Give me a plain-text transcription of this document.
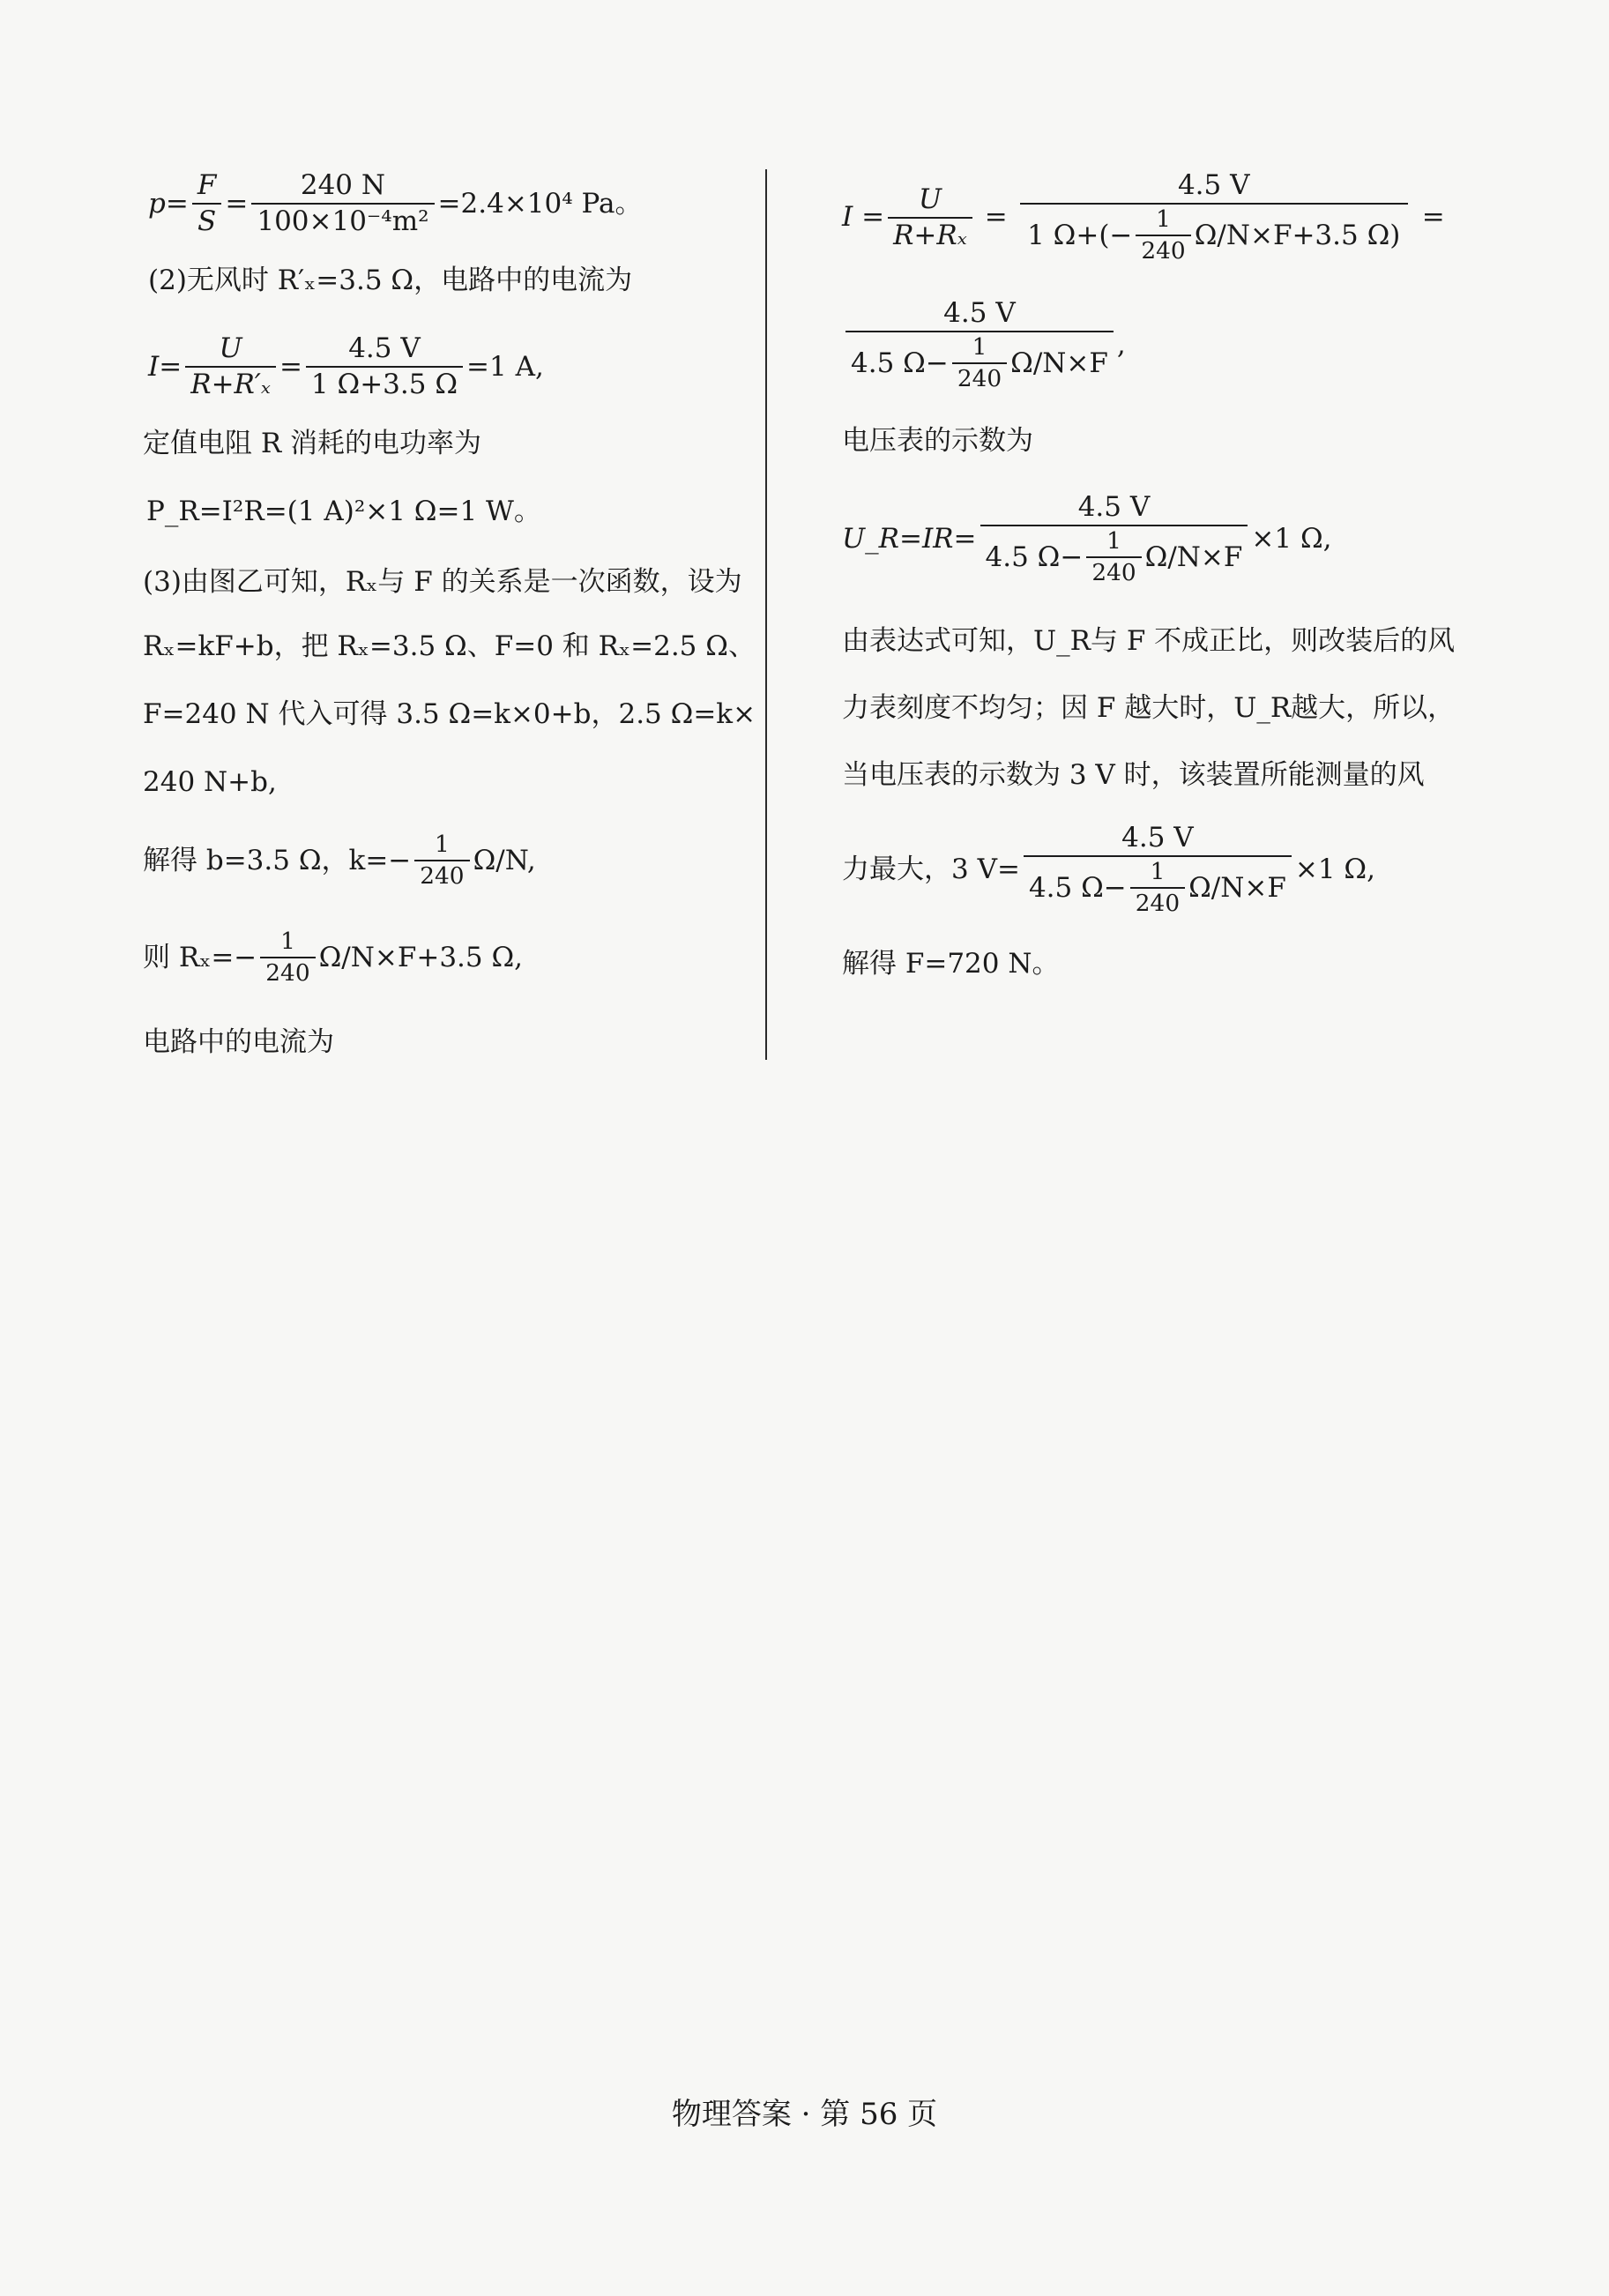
$p = \frac{F}{S} = \frac{240 N}{\text{100×10⁻⁴m²}} =2.4\times 10^4$ Pa。
(2)无风时 R′ₓ=3.5 Ω，电路中的电流为
$I= \frac{U}{\text{R+R′ₓ}} = \frac{4.5 V}{1 \Omega+3.5 \Omega} =1$ A,
定值电阻 R 消耗的电功率为
P_R=I²R=(1 A)²×1 Ω=1 W。
(3)由图乙可知，Rₓ与 F 的关系是一次函数，设为
Rₓ=kF+b，把 Rₓ=3.5 Ω、F=0 和 Rₓ=2.5 Ω、
F=240 N 代入可得 3.5 Ω=k×0+b，2.5 Ω=k×
240 N+b,
解得 b=3.5 Ω，$k=- \frac{1}{240} \Omega/N$,
则 $R_x=- \frac{1}{240} \Omega/N\times F+3.5$ Ω,
电路中的电流为
$I = \frac{U}{\text{R+Rₓ}}$ =
4.5 V
1 $\Omega+(- \frac{1}{240} \Omega/N\times F+3.5$ Ω)
=
4.5 V
4.5 $\Omega- \frac{1}{240} \Omega/N\times F$
,
电压表的示数为
U_R=IR=
4.5 V
4.5 $\Omega- \frac{1}{240} \Omega/N\times F$
×1 Ω,
由表达式可知，U_R与 F 不成正比，则改装后的风
力表刻度不均匀；因 F 越大时，U_R越大，所以，
当电压表的示数为 3 V 时，该装置所能测量的风
力最大，3 V=
4.5 V
4.5 $\Omega- \frac{1}{240} \Omega/N\times F$
×1 Ω,
解得 F=720 N。
物理答案 · 第 56 页
